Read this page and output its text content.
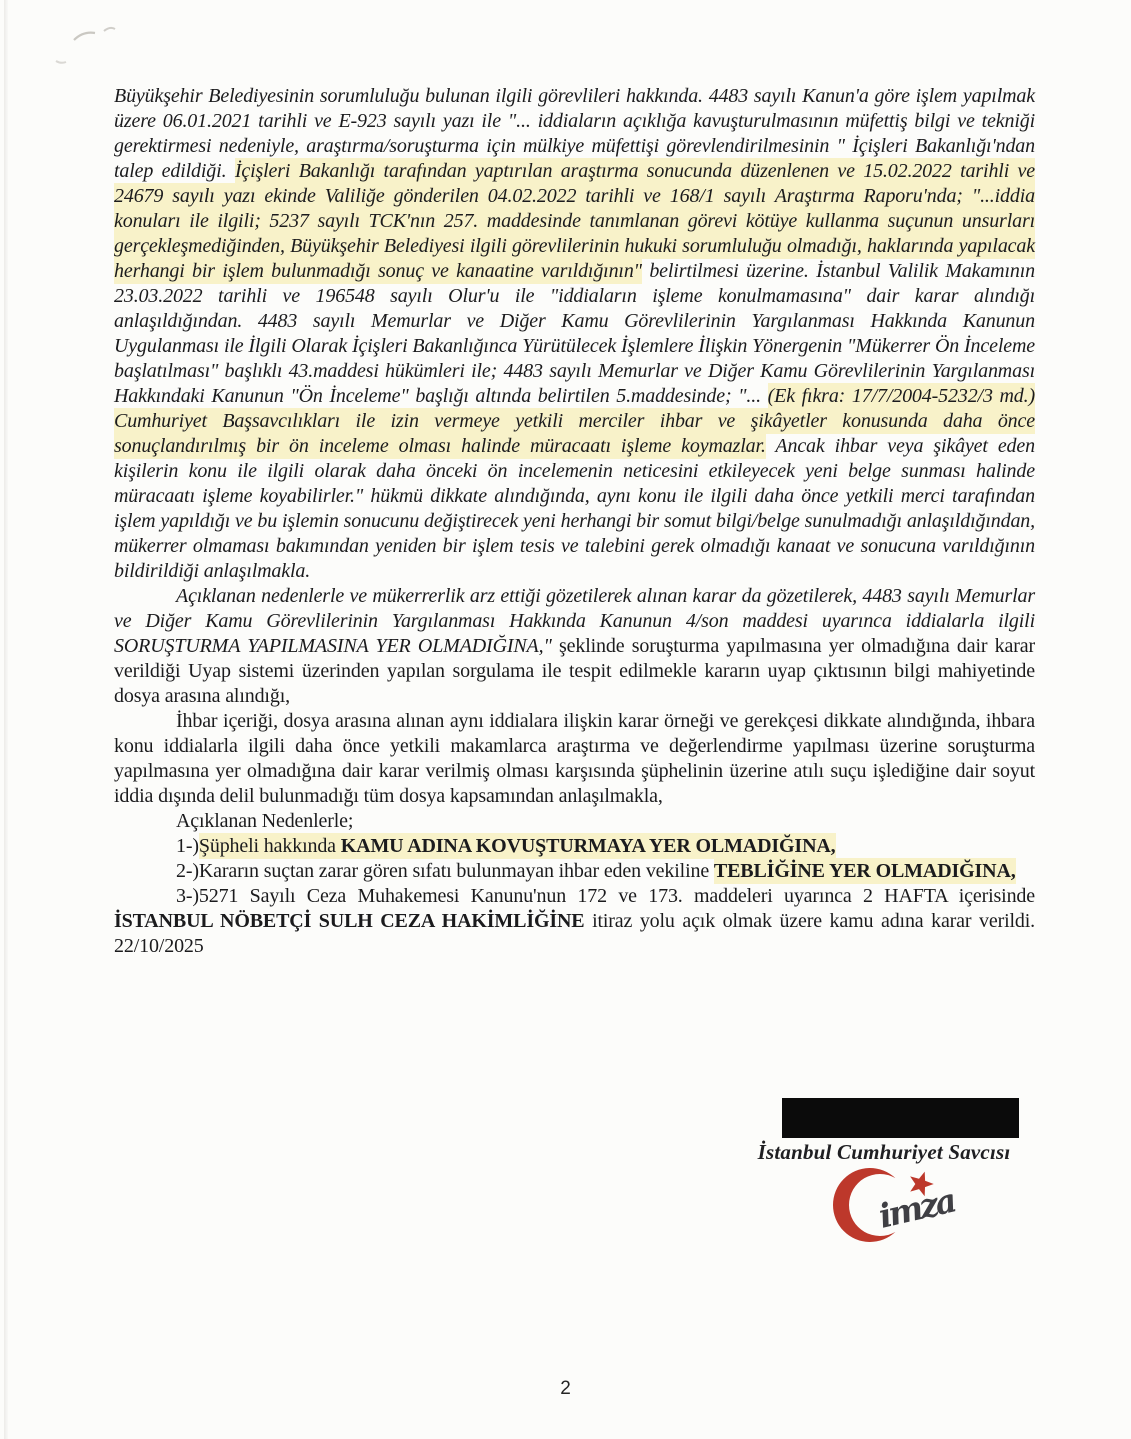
Büyükşehir Belediyesinin sorumluluğu bulunan ilgili görevlileri hakkında. 4483 sayılı Kanun'a göre işlem yapılmak üzere 06.01.2021 tarihli ve E-923 sayılı yazı ile "... iddiaların açıklığa kavuşturulmasının müfettiş bilgi ve tekniği gerektirmesi nedeniyle, araştırma/soruşturma için mülkiye müfettişi görevlendirilmesinin " İçişleri Bakanlığı'ndan talep edildiği. İçişleri Bakanlığı tarafından yaptırılan araştırma sonucunda düzenlenen ve 15.02.2022 tarihli ve 24679 sayılı yazı ekinde Valiliğe gönderilen 04.02.2022 tarihli ve 168/1 sayılı Araştırma Raporu'nda; "...iddia konuları ile ilgili; 5237 sayılı TCK'nın 257. maddesinde tanımlanan görevi kötüye kullanma suçunun unsurları gerçekleşmediğinden, Büyükşehir Belediyesi ilgili görevlilerinin hukuki sorumluluğu olmadığı, haklarında yapılacak herhangi bir işlem bulunmadığı sonuç ve kanaatine varıldığının" belirtilmesi üzerine. İstanbul Valilik Makamının 23.03.2022 tarihli ve 196548 sayılı Olur'u ile "iddiaların işleme konulmamasına" dair karar alındığı anlaşıldığından. 4483 sayılı Memurlar ve Diğer Kamu Görevlilerinin Yargılanması Hakkında Kanunun Uygulanması ile İlgili Olarak İçişleri Bakanlığınca Yürütülecek İşlemlere İlişkin Yönergenin "Mükerrer Ön İnceleme başlatılması" başlıklı 43.maddesi hükümleri ile; 4483 sayılı Memurlar ve Diğer Kamu Görevlilerinin Yargılanması Hakkındaki Kanunun "Ön İnceleme" başlığı altında belirtilen 5.maddesinde; "... (Ek fıkra: 17/7/2004-5232/3 md.) Cumhuriyet Başsavcılıkları ile izin vermeye yetkili merciler ihbar ve şikâyetler konusunda daha önce sonuçlandırılmış bir ön inceleme olması halinde müracaatı işleme koymazlar. Ancak ihbar veya şikâyet eden kişilerin konu ile ilgili olarak daha önceki ön incelemenin neticesini etkileyecek yeni belge sunması halinde müracaatı işleme koyabilirler." hükmü dikkate alındığında, aynı konu ile ilgili daha önce yetkili merci tarafından işlem yapıldığı ve bu işlemin sonucunu değiştirecek yeni herhangi bir somut bilgi/belge sunulmadığı anlaşıldığından, mükerrer olmaması bakımından yeniden bir işlem tesis ve talebini gerek olmadığı kanaat ve sonucuna varıldığının bildirildiği anlaşılmakla.

Açıklanan nedenlerle ve mükerrerlik arz ettiği gözetilerek alınan karar da gözetilerek, 4483 sayılı Memurlar ve Diğer Kamu Görevlilerinin Yargılanması Hakkında Kanunun 4/son maddesi uyarınca iddialarla ilgili SORUŞTURMA YAPILMASINA YER OLMADIĞINA," şeklinde soruşturma yapılmasına yer olmadığına dair karar verildiği Uyap sistemi üzerinden yapılan sorgulama ile tespit edilmekle kararın uyap çıktısının bilgi mahiyetinde dosya arasına alındığı,

İhbar içeriği, dosya arasına alınan aynı iddialara ilişkin karar örneği ve gerekçesi dikkate alındığında, ihbara konu iddialarla ilgili daha önce yetkili makamlarca araştırma ve değerlendirme yapılması üzerine soruşturma yapılmasına yer olmadığına dair karar verilmiş olması karşısında şüphelinin üzerine atılı suçu işlediğine dair soyut iddia dışında delil bulunmadığı tüm dosya kapsamından anlaşılmakla,

Açıklanan Nedenlerle;

1-)Şüpheli hakkında KAMU ADINA KOVUŞTURMAYA YER OLMADIĞINA,

2-)Kararın suçtan zarar gören sıfatı bulunmayan ihbar eden vekiline TEBLİĞİNE YER OLMADIĞINA,

3-)5271 Sayılı Ceza Muhakemesi Kanunu'nun 172 ve 173. maddeleri uyarınca 2 HAFTA içerisinde İSTANBUL NÖBETÇİ SULH CEZA HAKİMLİĞİNE itiraz yolu açık olmak üzere kamu adına karar verildi. 22/10/2025

İstanbul Cumhuriyet Savcısı
imza
2
